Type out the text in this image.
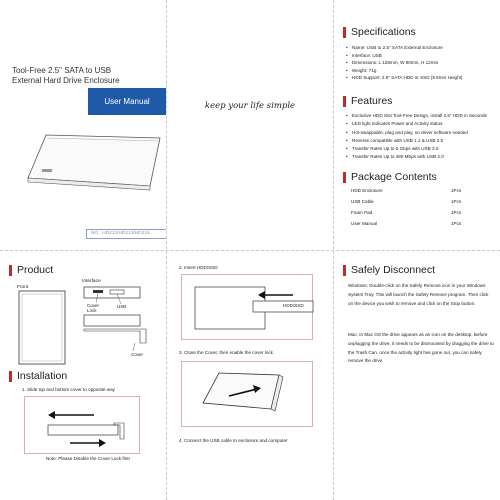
Tool-Free 2.5" SATA to USB
External Hard Drive Enclosure
User Manual
NO.: HD212/HD213/HD215
keep your life simple
Specifications
• Name: USB to 2.5" SATA External Enclosure
• Interface: USB
• Dimensions: L 128mm, W 80mm, H 12mm
• Weight: 71g
• HDD Support: 2.5" SATA HDD or SSD (9.5mm Height)
Features
• Exclusive HDD Slot Tool-Free Design, install 2.5" HDD in Seconds
• LED light indicates Power and Activity status
• Hot-swappable, plug and play, no driver software needed
• Reverse compatible with USB 1.1 & USB 2.0
• Transfer Rates Up to 5 Gbps with USB 3.0
• Transfer Rates Up to 480 Mbps with USB 2.0
Package Contents
HDD Enclosure	1Pcs
USB Cable	1Pcs
Foam Pad	1Pcs
User Manual	1Pcs
Product
Front
Interface
Cover
Lock
USB
Cover
Installation
1. Slide top and bottom cover to opposite way
Note: Please Disable the Cover Lock first
2. Insert HDD/SSD
HDD/SSD
3. Close the Cover, then enable the cover lock
4. Connect the USB cable to enclosure and computer
Safely Disconnect
Windows: Double-click on the Safely Remove icon in your Windows System Tray. This will launch the Safely Remove program. Then click on the device you wish to remove and click on the Stop button.
Mac: In Mac OS the drive appears as an icon on the desktop. Before unplugging the drive, it needs to be dismounted by dragging the drive to the Trash Can, once the activity light has gone out, you can safely remove the drive.
